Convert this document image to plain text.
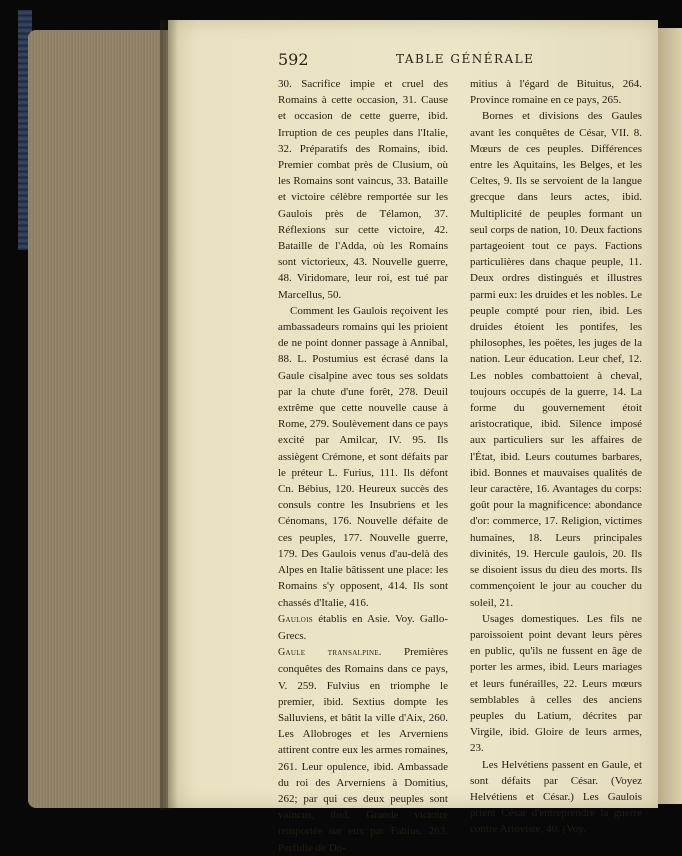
592	TABLE GÉNÉRALE

30. Sacrifice impie et cruel des Romains à cette occasion, 31. Cause et occasion de cette guerre, ibid. Irruption de ces peuples dans l'Italie, 32. Préparatifs des Romains, ibid. Premier combat près de Clusium, où les Romains sont vaincus, 33. Bataille et victoire célèbre remportée sur les Gaulois près de Télamon, 37. Réflexions sur cette victoire, 42. Bataille de l'Adda, où les Romains sont victorieux, 43. Nouvelle guerre, 48. Viridomare, leur roi, est tué par Marcellus, 50.

Comment les Gaulois reçoivent les ambassadeurs romains qui les prioient de ne point donner passage à Annibal, 88. L. Postumius est écrasé dans la Gaule cisalpine avec tous ses soldats par la chute d'une forêt, 278. Deuil extrême que cette nouvelle cause à Rome, 279. Soulèvement dans ce pays excité par Amilcar, IV. 95. Ils assiègent Crémone, et sont défaits par le préteur L. Furius, 111. Ils défont Cn. Bébius, 120. Heureux succès des consuls contre les Insubriens et les Cénomans, 176. Nouvelle défaite de ces peuples, 177. Nouvelle guerre, 179. Des Gaulois venus d'au-delà des Alpes en Italie bâtissent une place: les Romains s'y opposent, 414. Ils sont chassés d'Italie, 416.

Gaulois établis en Asie. Voy. Gallo-Grecs.

Gaule transalpine. Premières conquêtes des Romains dans ce pays, V. 259. Fulvius en triomphe le premier, ibid. Sextius dompte les Salluviens, et bâtit la ville d'Aix, 260. Les Allobroges et les Arverniens attirent contre eux les armes romaines, 261. Leur opulence, ibid. Ambassade du roi des Arverniens à Domitius, 262; par qui ces deux peuples sont vaincus, ibid. Grande victoire remportée sur eux par Fabius, 263. Perfidie de Do-

mitius à l'égard de Bituitus, 264. Province romaine en ce pays, 265.

Bornes et divisions des Gaules avant les conquêtes de César, VII. 8. Mœurs de ces peuples. Différences entre les Aquitains, les Belges, et les Celtes, 9. Ils se servoient de la langue grecque dans leurs actes, ibid. Multiplicité de peuples formant un seul corps de nation, 10. Deux factions partageoient tout ce pays. Factions particulières dans chaque peuple, 11. Deux ordres distingués et illustres parmi eux: les druides et les nobles. Le peuple compté pour rien, ibid. Les druides étoient les pontifes, les philosophes, les poëtes, les juges de la nation. Leur éducation. Leur chef, 12. Les nobles combattoient à cheval, toujours occupés de la guerre, 14. La forme du gouvernement étoit aristocratique, ibid. Silence imposé aux particuliers sur les affaires de l'État, ibid. Leurs coutumes barbares, ibid. Bonnes et mauvaises qualités de leur caractère, 16. Avantages du corps: goût pour la magnificence: abondance d'or: commerce, 17. Religion, victimes humaines, 18. Leurs principales divinités, 19. Hercule gaulois, 20. Ils se disoient issus du dieu des morts. Ils commençoient le jour au coucher du soleil, 21.

Usages domestiques. Les fils ne paroissoient point devant leurs pères en public, qu'ils ne fussent en âge de porter les armes, ibid. Leurs mariages et leurs funérailles, 22. Leurs mœurs semblables à celles des anciens peuples du Latium, décrites par Virgile, ibid. Gloire de leurs armes, 23.

Les Helvétiens passent en Gaule, et sont défaits par César. (Voyez Helvétiens et César.) Les Gaulois prient César d'entreprendre la guerre contre Arioviste, 40. (Voy.
